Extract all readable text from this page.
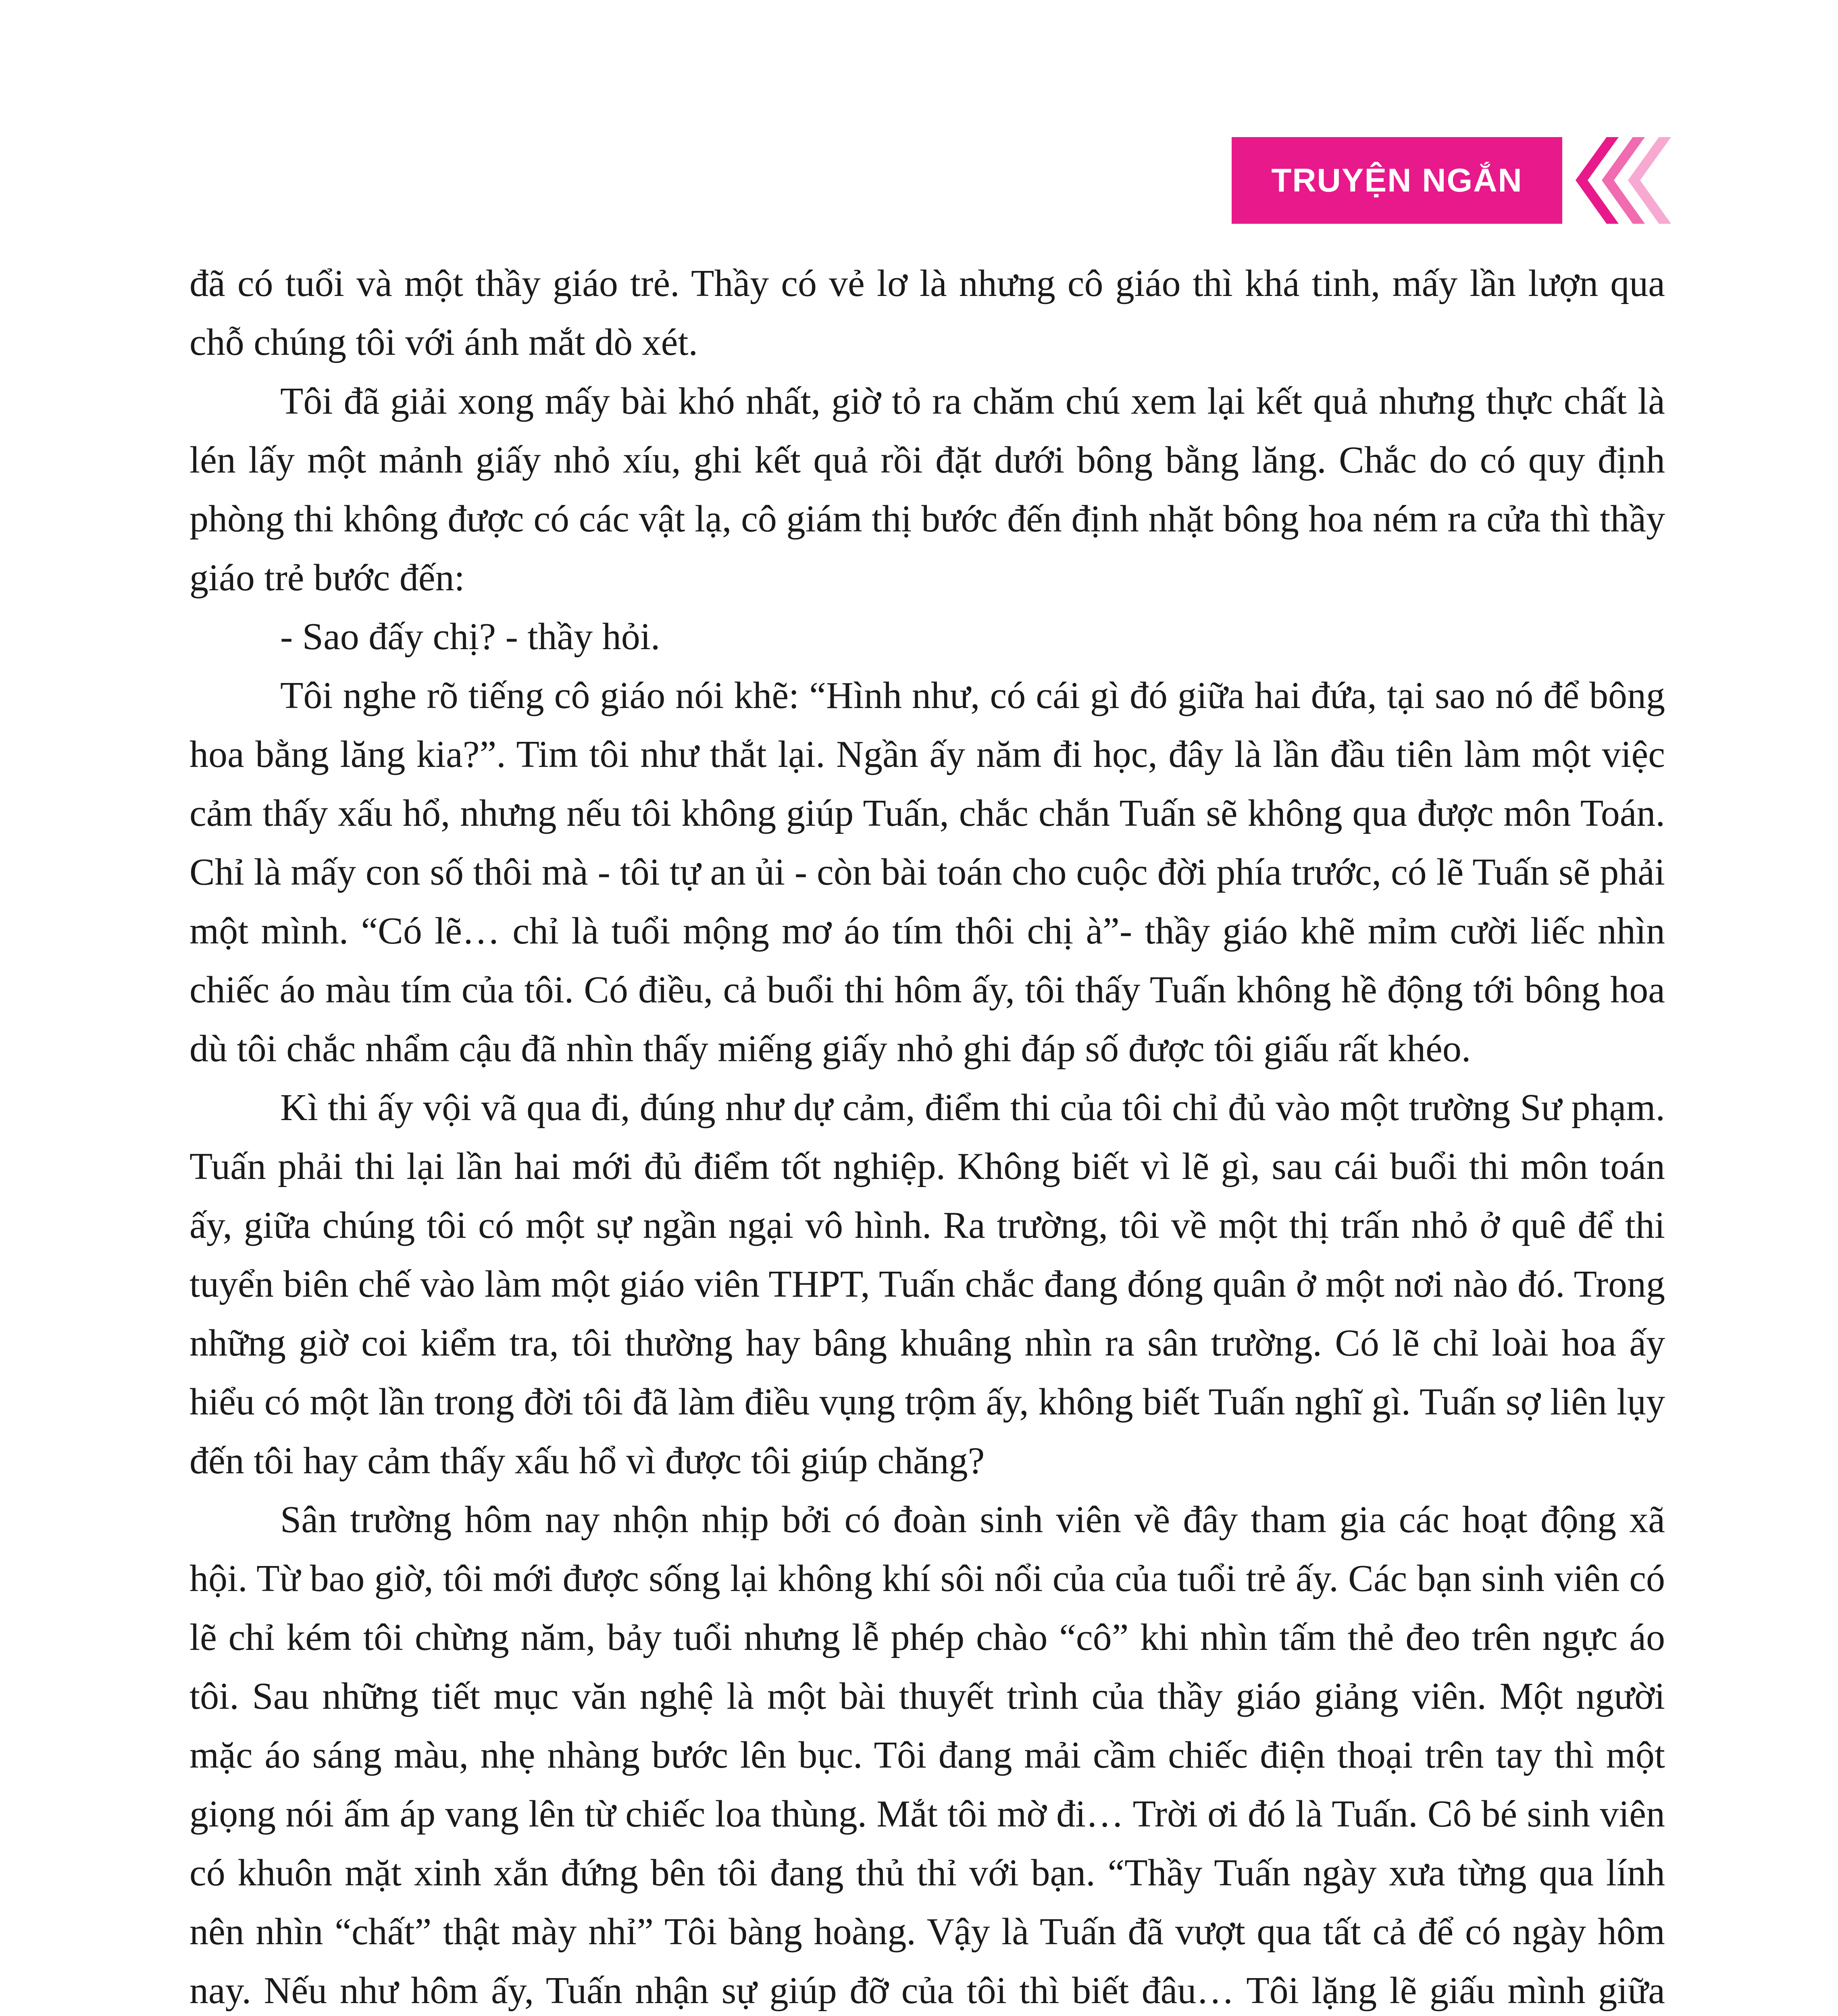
TRUYỆN NGẮN

đã có tuổi và một thầy giáo trẻ. Thầy có vẻ lơ là nhưng cô giáo thì khá tinh, mấy lần lượn qua chỗ chúng tôi với ánh mắt dò xét.

Tôi đã giải xong mấy bài khó nhất, giờ tỏ ra chăm chú xem lại kết quả nhưng thực chất là lén lấy một mảnh giấy nhỏ xíu, ghi kết quả rồi đặt dưới bông bằng lăng. Chắc do có quy định phòng thi không được có các vật lạ, cô giám thị bước đến định nhặt bông hoa ném ra cửa thì thầy giáo trẻ bước đến:

- Sao đấy chị? - thầy hỏi.

Tôi nghe rõ tiếng cô giáo nói khẽ: “Hình như, có cái gì đó giữa hai đứa, tại sao nó để bông hoa bằng lăng kia?”. Tim tôi như thắt lại. Ngần ấy năm đi học, đây là lần đầu tiên làm một việc cảm thấy xấu hổ, nhưng nếu tôi không giúp Tuấn, chắc chắn Tuấn sẽ không qua được môn Toán. Chỉ là mấy con số thôi mà - tôi tự an ủi - còn bài toán cho cuộc đời phía trước, có lẽ Tuấn sẽ phải một mình. “Có lẽ… chỉ là tuổi mộng mơ áo tím thôi chị à”- thầy giáo khẽ mỉm cười liếc nhìn chiếc áo màu tím của tôi. Có điều, cả buổi thi hôm ấy, tôi thấy Tuấn không hề động tới bông hoa dù tôi chắc nhẩm cậu đã nhìn thấy miếng giấy nhỏ ghi đáp số được tôi giấu rất khéo.

Kì thi ấy vội vã qua đi, đúng như dự cảm, điểm thi của tôi chỉ đủ vào một trường Sư phạm. Tuấn phải thi lại lần hai mới đủ điểm tốt nghiệp. Không biết vì lẽ gì, sau cái buổi thi môn toán ấy, giữa chúng tôi có một sự ngần ngại vô hình. Ra trường, tôi về một thị trấn nhỏ ở quê để thi tuyển biên chế vào làm một giáo viên THPT, Tuấn chắc đang đóng quân ở một nơi nào đó. Trong những giờ coi kiểm tra, tôi thường hay bâng khuâng nhìn ra sân trường. Có lẽ chỉ loài hoa ấy hiểu có một lần trong đời tôi đã làm điều vụng trộm ấy, không biết Tuấn nghĩ gì. Tuấn sợ liên lụy đến tôi hay cảm thấy xấu hổ vì được tôi giúp chăng?

Sân trường hôm nay nhộn nhịp bởi có đoàn sinh viên về đây tham gia các hoạt động xã hội. Từ bao giờ, tôi mới được sống lại không khí sôi nổi của của tuổi trẻ ấy. Các bạn sinh viên có lẽ chỉ kém tôi chừng năm, bảy tuổi nhưng lễ phép chào “cô” khi nhìn tấm thẻ đeo trên ngực áo tôi. Sau những tiết mục văn nghệ là một bài thuyết trình của thầy giáo giảng viên. Một người mặc áo sáng màu, nhẹ nhàng bước lên bục. Tôi đang mải cầm chiếc điện thoại trên tay thì một giọng nói ấm áp vang lên từ chiếc loa thùng. Mắt tôi mờ đi… Trời ơi đó là Tuấn. Cô bé sinh viên có khuôn mặt xinh xắn đứng bên tôi đang thủ thỉ với bạn. “Thầy Tuấn ngày xưa từng qua lính nên nhìn “chất” thật mày nhỉ” Tôi bàng hoàng. Vậy là Tuấn đã vượt qua tất cả để có ngày hôm nay. Nếu như hôm ấy, Tuấn nhận sự giúp đỡ của tôi thì biết đâu… Tôi lặng lẽ giấu mình giữa
